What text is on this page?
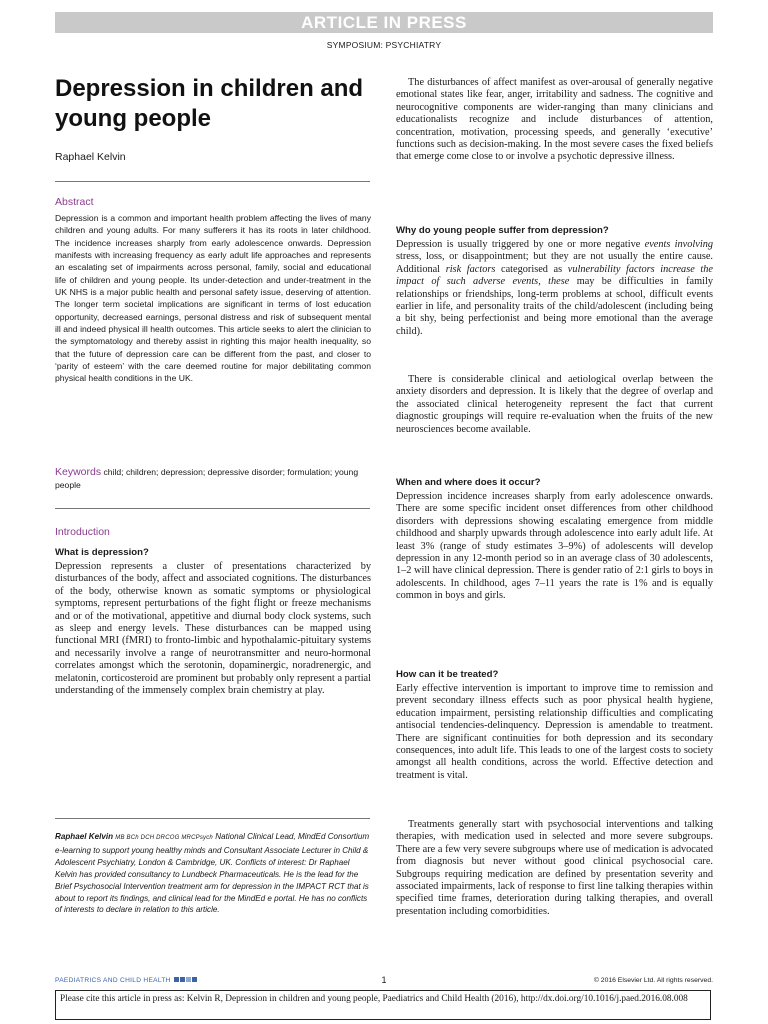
ARTICLE IN PRESS
SYMPOSIUM: PSYCHIATRY
Depression in children and young people
Raphael Kelvin
Abstract

Depression is a common and important health problem affecting the lives of many children and young adults. For many sufferers it has its roots in later childhood. The incidence increases sharply from early adolescence onwards. Depression manifests with increasing frequency as early adult life approaches and represents an escalating set of impairments across personal, family, social and educational life of children and young people. Its under-detection and under-treatment in the UK NHS is a major public health and personal safety issue, deserving of attention. The longer term societal implications are significant in terms of lost education opportunity, decreased earnings, personal distress and risk of subsequent mental ill and indeed physical ill health outcomes. This article seeks to alert the clinician to the symptomatology and thereby assist in righting this major health inequality, so that the future of depression care can be different from the past, and closer to ‘parity of esteem’ with the care deemed routine for major debilitating common physical health conditions in the UK.

Keywords child; children; depression; depressive disorder; formulation; young people

Introduction
What is depression?

Depression represents a cluster of presentations characterized by disturbances of the body, affect and associated cognitions. The disturbances of the body, otherwise known as somatic symptoms or physiological symptoms, represent perturbations of the fight flight or freeze mechanisms and or of the motivational, appetitive and diurnal body clock systems, such as sleep and energy levels. These disturbances can be mapped using functional MRI (fMRI) to fronto-limbic and hypothalamic-pituitary systems and necessarily involve a range of neurotransmitter and neuro-hormonal correlates amongst which the serotonin, dopaminergic, noradrenergic, and melatonin, corticosteroid are prominent but probably only represent a partial understanding of the immensely complex brain chemistry at play.

Raphael Kelvin MB BCh DCH DRCOG MRCPsych National Clinical Lead, MindEd Consortium e-learning to support young healthy minds and Consultant Associate Lecturer in Child & Adolescent Psychiatry, London & Cambridge, UK. Conflicts of interest: Dr Raphael Kelvin has provided consultancy to Lundbeck Pharmaceuticals. He is the lead for the Brief Psychosocial Intervention treatment arm for depression in the IMPACT RCT that is about to report its findings, and clinical lead for the MindEd e portal. He has no conflicts of interests to declare in relation to this article.

The disturbances of affect manifest as over-arousal of generally negative emotional states like fear, anger, irritability and sadness. The cognitive and neurocognitive components are wider-ranging than many clinicians and educationalists recognize and include disturbances of attention, concentration, motivation, processing speeds, and generally ‘executive’ functions such as decision-making. In the most severe cases the fixed beliefs that emerge come close to or involve a psychotic depressive illness.

Why do young people suffer from depression?

Depression is usually triggered by one or more negative events involving stress, loss, or disappointment; but they are not usually the entire cause. Additional risk factors categorised as vulnerability factors increase the impact of such adverse events, these may be difficulties in family relationships or friendships, long-term problems at school, difficult events earlier in life, and personality traits of the child/adolescent (including being a bit shy, being perfectionist and being more emotional than the average child).

There is considerable clinical and aetiological overlap between the anxiety disorders and depression. It is likely that the degree of overlap and the associated clinical heterogeneity represent the fact that current diagnostic groupings will require re-evaluation when the fruits of the new neurosciences become available.

When and where does it occur?

Depression incidence increases sharply from early adolescence onwards. There are some specific incident onset differences from other childhood disorders with depressions showing escalating emergence from middle childhood and sharply upwards through adolescence into early adult life. At least 3% (range of study estimates 3–9%) of adolescents will develop depression in any 12-month period so in an average class of 30 adolescents, 1–2 will have clinical depression. There is gender ratio of 2:1 girls to boys in adolescents. In childhood, ages 7–11 years the rate is 1% and is equally common in boys and girls.

How can it be treated?

Early effective intervention is important to improve time to remission and prevent secondary illness effects such as poor physical health hygiene, education impairment, persisting relationship difficulties and complicating antisocial tendencies-delinquency. Depression is amendable to treatment. There are significant continuities for both depression and its secondary consequences, into adult life. This leads to one of the largest costs to society amongst all health conditions, across the world. Effective detection and treatment is vital.

Treatments generally start with psychosocial interventions and talking therapies, with medication used in selected and more severe subgroups. There are a few very severe subgroups where use of medication is advocated from diagnosis but never without good clinical psychosocial care. Subgroups requiring medication are defined by presentation severity and associated impairments, lack of response to first line talking therapies within specified time frames, deterioration during talking therapies, and overall presentation including comorbidities.

PAEDIATRICS AND CHILD HEALTH	1	© 2016 Elsevier Ltd. All rights reserved.

Please cite this article in press as: Kelvin R, Depression in children and young people, Paediatrics and Child Health (2016), http://dx.doi.org/10.1016/j.paed.2016.08.008
